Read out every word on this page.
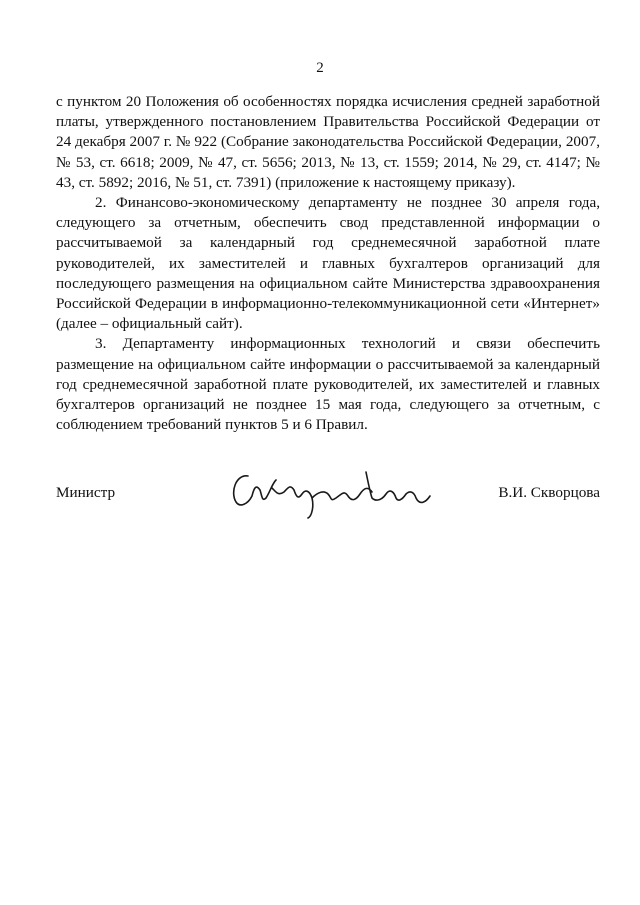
2

с пунктом 20 Положения об особенностях порядка исчисления средней заработной платы, утвержденного постановлением Правительства Российской Федерации от 24 декабря 2007 г. № 922 (Собрание законодательства Российской Федерации, 2007, № 53, ст. 6618; 2009, № 47, ст. 5656; 2013, № 13, ст. 1559; 2014, № 29, ст. 4147; № 43, ст. 5892; 2016, № 51, ст. 7391) (приложение к настоящему приказу).

2. Финансово-экономическому департаменту не позднее 30 апреля года, следующего за отчетным, обеспечить свод представленной информации о рассчитываемой за календарный год среднемесячной заработной плате руководителей, их заместителей и главных бухгалтеров организаций для последующего размещения на официальном сайте Министерства здравоохранения Российской Федерации в информационно-телекоммуникационной сети «Интернет» (далее – официальный сайт).

3. Департаменту информационных технологий и связи обеспечить размещение на официальном сайте информации о рассчитываемой за календарный год среднемесячной заработной плате руководителей, их заместителей и главных бухгалтеров организаций не позднее 15 мая года, следующего за отчетным, с соблюдением требований пунктов 5 и 6 Правил.

Министр	В.И. Скворцова
